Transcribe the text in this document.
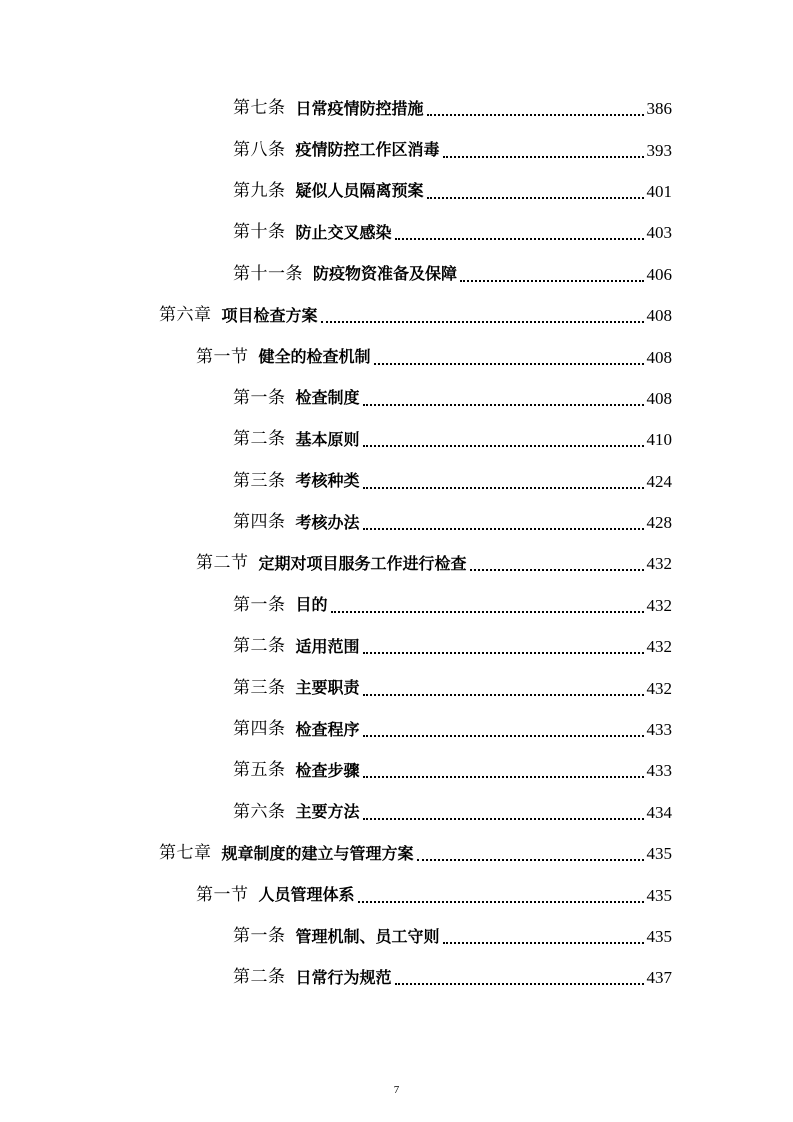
第七条 日常疫情防控措施	386
第八条 疫情防控工作区消毒	393
第九条 疑似人员隔离预案	401
第十条 防止交叉感染	403
第十一条 防疫物资准备及保障	406
第六章 项目检查方案	408
第一节 健全的检查机制	408
第一条 检查制度	408
第二条 基本原则	410
第三条 考核种类	424
第四条 考核办法	428
第二节 定期对项目服务工作进行检查	432
第一条 目的	432
第二条 适用范围	432
第三条 主要职责	432
第四条 检查程序	433
第五条 检查步骤	433
第六条 主要方法	434
第七章 规章制度的建立与管理方案	435
第一节 人员管理体系	435
第一条 管理机制、员工守则	435
第二条 日常行为规范	437
7
